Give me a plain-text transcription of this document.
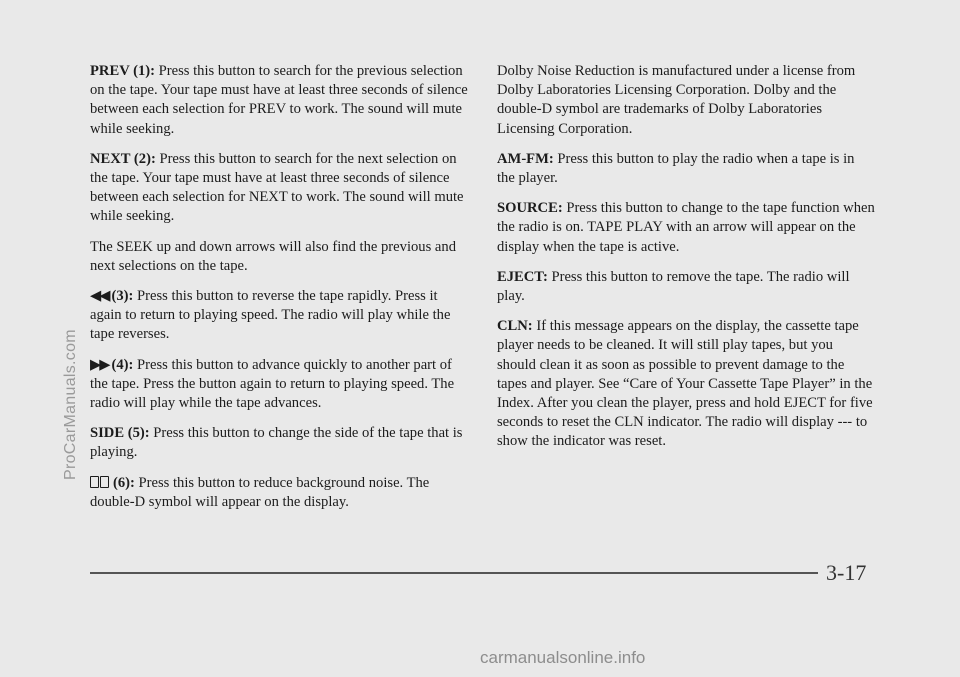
PREV (1): Press this button to search for the previous selection on the tape. Your tape must have at least three seconds of silence between each selection for PREV to work. The sound will mute while seeking.

NEXT (2): Press this button to search for the next selection on the tape. Your tape must have at least three seconds of silence between each selection for NEXT to work. The sound will mute while seeking.

The SEEK up and down arrows will also find the previous and next selections on the tape.

◀◀ (3): Press this button to reverse the tape rapidly. Press it again to return to playing speed. The radio will play while the tape reverses.

▶▶ (4): Press this button to advance quickly to another part of the tape. Press the button again to return to playing speed. The radio will play while the tape advances.

SIDE (5): Press this button to change the side of the tape that is playing.

(6): Press this button to reduce background noise. The double-D symbol will appear on the display.

Dolby Noise Reduction is manufactured under a license from Dolby Laboratories Licensing Corporation. Dolby and the double-D symbol are trademarks of Dolby Laboratories Licensing Corporation.

AM-FM: Press this button to play the radio when a tape is in the player.

SOURCE: Press this button to change to the tape function when the radio is on. TAPE PLAY with an arrow will appear on the display when the tape is active.

EJECT: Press this button to remove the tape. The radio will play.

CLN: If this message appears on the display, the cassette tape player needs to be cleaned. It will still play tapes, but you should clean it as soon as possible to prevent damage to the tapes and player. See “Care of Your Cassette Tape Player” in the Index. After you clean the player, press and hold EJECT for five seconds to reset the CLN indicator. The radio will display --- to show the indicator was reset.

ProCarManuals.com
3-17
carmanualsonline.info
